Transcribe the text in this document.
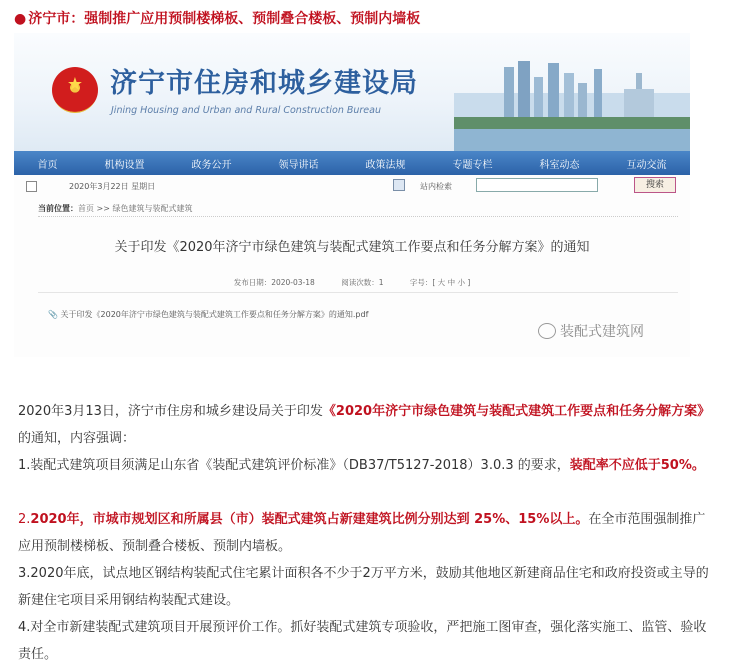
● 济宁市：强制推广应用预制楼梯板、预制叠合楼板、预制内墙板
★ 济宁市住房和城乡建设局
Jining Housing and Urban and Rural Construction Bureau
首页	机构设置	政务公开	领导讲话	政策法规	专题专栏	科室动态	互动交流
2020年3月22日 星期日	站内检索	搜索
当前位置：首页 >> 绿色建筑与装配式建筑
关于印发《2020年济宁市绿色建筑与装配式建筑工作要点和任务分解方案》的通知
发布日期：2020-03-18	阅读次数：1	字号：[ 大 中 小 ]
📎 关于印发《2020年济宁市绿色建筑与装配式建筑工作要点和任务分解方案》的通知.pdf
装配式建筑网

2020年3月13日，济宁市住房和城乡建设局关于印发《2020年济宁市绿色建筑与装配式建筑工作要点和任务分解方案》的通知，内容强调：

1.装配式建筑项目须满足山东省《装配式建筑评价标准》（DB37/T5127-2018）3.0.3 的要求，装配率不应低于50%。

2.2020年，市城市规划区和所属县（市）装配式建筑占新建建筑比例分别达到 25%、15%以上。在全市范围强制推广应用预制楼梯板、预制叠合楼板、预制内墙板。

3.2020年底，试点地区钢结构装配式住宅累计面积各不少于2万平方米，鼓励其他地区新建商品住宅和政府投资或主导的新建住宅项目采用钢结构装配式建设。

4.对全市新建装配式建筑项目开展预评价工作。抓好装配式建筑专项验收，严把施工图审查，强化落实施工、监管、验收责任。
